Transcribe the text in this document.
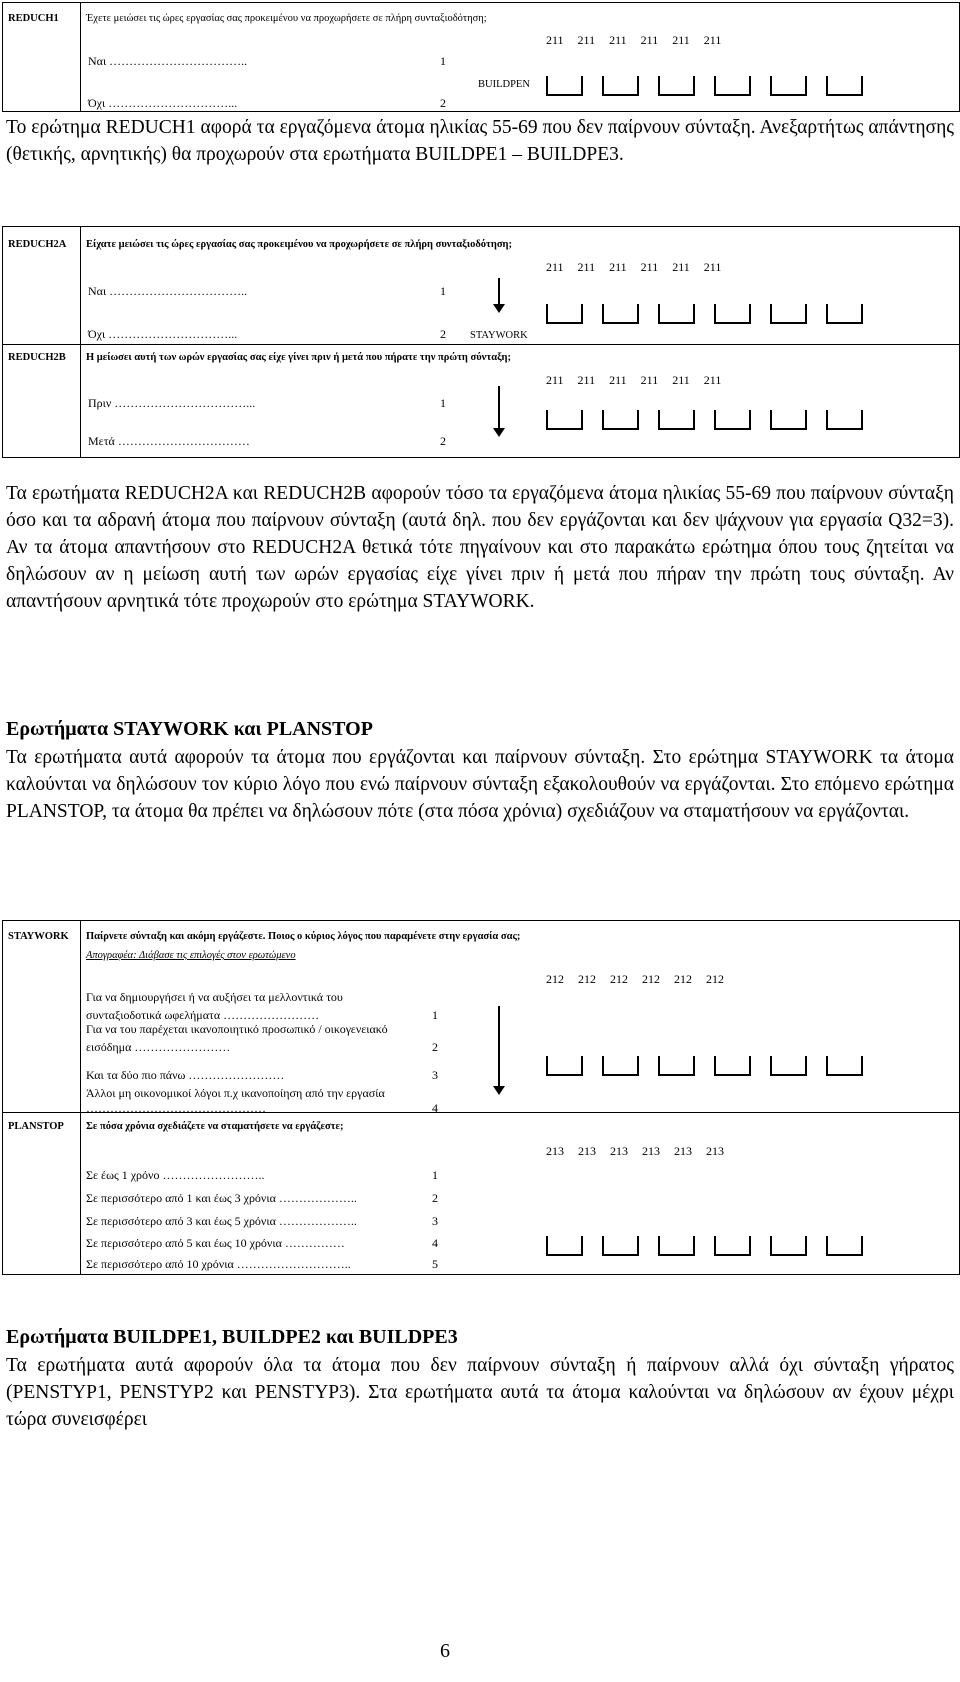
REDUCH1	Έχετε μειώσει τις ώρες εργασίας σας προκειμένου να προχωρήσετε σε πλήρη συνταξιοδότηση;
211 211 211 211 211 211
Ναι ……………………………..	1
BUILDPEN
Όχι …………………………...	2
Το ερώτημα REDUCH1 αφορά τα εργαζόμενα άτομα ηλικίας 55-69 που δεν παίρνουν σύνταξη. Ανεξαρτήτως απάντησης (θετικής, αρνητικής) θα προχωρούν στα ερωτήματα BUILDPE1 – BUILDPE3.
REDUCH2A Είχατε μειώσει τις ώρες εργασίας σας προκειμένου να προχωρήσετε σε πλήρη συνταξιοδότηση;
211 211 211 211 211 211
Ναι ……………………………..	1
Όχι …………………………...	2 STAYWORK
REDUCH2B Η μείωσει αυτή των ωρών εργασίας σας είχε γίνει πριν ή μετά που πήρατε την πρώτη σύνταξη;
211 211 211 211 211 211
Πριν ……………………………...	1
Μετά ……………………………	2
Τα ερωτήματα REDUCH2A και REDUCH2B αφορούν τόσο τα εργαζόμενα άτομα ηλικίας 55-69 που παίρνουν σύνταξη όσο και τα αδρανή άτομα που παίρνουν σύνταξη (αυτά δηλ. που δεν εργάζονται και δεν ψάχνουν για εργασία Q32=3). Αν τα άτομα απαντήσουν στο REDUCH2A θετικά τότε πηγαίνουν και στο παρακάτω ερώτημα όπου τους ζητείται να δηλώσουν αν η μείωση αυτή των ωρών εργασίας είχε γίνει πριν ή μετά που πήραν την πρώτη τους σύνταξη. Αν απαντήσουν αρνητικά τότε προχωρούν στο ερώτημα STAYWORK.
Ερωτήματα STAYWORK και PLANSTOP
Τα ερωτήματα αυτά αφορούν τα άτομα που εργάζονται και παίρνουν σύνταξη. Στο ερώτημα STAYWORK τα άτομα καλούνται να δηλώσουν τον κύριο λόγο που ενώ παίρνουν σύνταξη εξακολουθούν να εργάζονται. Στο επόμενο ερώτημα PLANSTOP, τα άτομα θα πρέπει να δηλώσουν πότε (στα πόσα χρόνια) σχεδιάζουν να σταματήσουν να εργάζονται.
STAYWORK Παίρνετε σύνταξη και ακόμη εργάζεστε. Ποιος ο κύριος λόγος που παραμένετε στην εργασία σας;
Απογραφέα: Διάβασε τις επιλογές στον ερωτώμενο
212 212 212 212 212 212
Για να δημιουργήσει ή να αυξήσει τα μελλοντικά του
συνταξιοδοτικά ωφελήματα ……………………	1
Για να του παρέχεται ικανοποιητικό προσωπικό / οικογενειακό
εισόδημα ……………………	2
Και τα δύο πιο πάνω ……………………	3
Άλλοι μη οικονομικοί λόγοι π.χ ικανοποίηση από την εργασία
………………………………………	4
PLANSTOP Σε πόσα χρόνια σχεδιάζετε να σταματήσετε να εργάζεστε;
213 213 213 213 213 213
Σε έως 1 χρόνο ……………………..	1
Σε περισσότερο από 1 και έως 3 χρόνια ………………..	2
Σε περισσότερο από 3 και έως 5 χρόνια ………………..	3
Σε περισσότερο από 5 και έως 10 χρόνια ……………	4
Σε περισσότερο από 10 χρόνια ………………………..	5
Ερωτήματα BUILDPE1, BUILDPE2 και BUILDPE3
Τα ερωτήματα αυτά αφορούν όλα τα άτομα που δεν παίρνουν σύνταξη ή παίρνουν αλλά όχι σύνταξη γήρατος (PENSTYP1, PENSTYP2 και PENSTYP3). Στα ερωτήματα αυτά τα άτομα καλούνται να δηλώσουν αν έχουν μέχρι τώρα συνεισφέρει
6
